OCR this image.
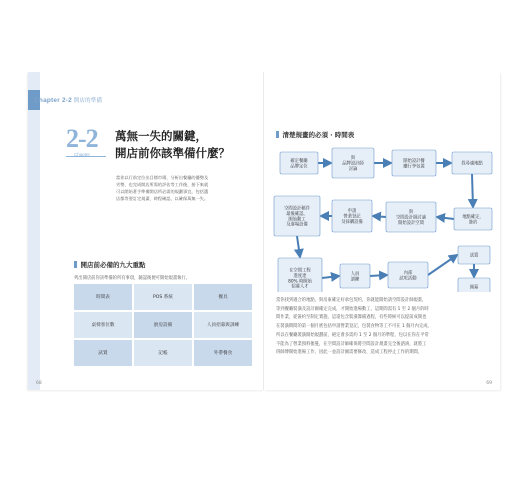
Chapter 2-2 開店的準備
2-2
Chapter
萬無一失的關鍵，
開店前你該準備什麼？
當你以行前定位出目標市場、分析出餐廳的優勢及
劣勢、也完成開店所需的評估等工作後，接下來就
可以開始著手準備開店所必需的規劃事宜，包括選
店都等要訂定規畫、時程確認，以確保萬無一失。
開店前必備的九大重點
列出開店前你該準備的所有事項，隨認後便可開始規畫執行。
時間表	POS 系統	餐具
桌椅客位數	廚房設備	人員招募與訓練
試賣	記帳	外帶餐食
68
清楚規畫的必須 ‧ 時間表
確定餐廳
品牌定位
與
品牌設計師
討論
開始設計餐
廳行李包裝
找尋適地點
地點確定，
簽約
與
空間設計師討論
開始設計空間
申請
營業登記
及採購設備
空間設計稿件
最後確認，
開始動工
及進場設備
在空間工程
進度達
80% 時開始
招募人才
人員
訓練
內部
試吃活動
試賣
開幕
當你找到適合的地點，與房東確定好承包契約，你就能開始請空間設計師規畫，
等到餐廳裝潢及設計圖確定完成，才開始進場動工，這期間需有 1 至 2 個月的時
間作業，從簽約至制定實施，這還包含裝潢籌備過程，有些時候可以提前成開也
在裝潢期間的第一個月底包括申請營業登記，包裝食物等工不可在 1 個月內完成，
所以在餐廳裝潢開始規劃前，絕定會多需約 1 至 2 個月的準程，包以在你在平常
不能為了營業預料擔憂，在空間設計師確保將空間設計規畫完全後諮詢，就將工
班師傅開始進場工作，因此一並設計圖需要修改，造成工程停止工作的期間，
69
